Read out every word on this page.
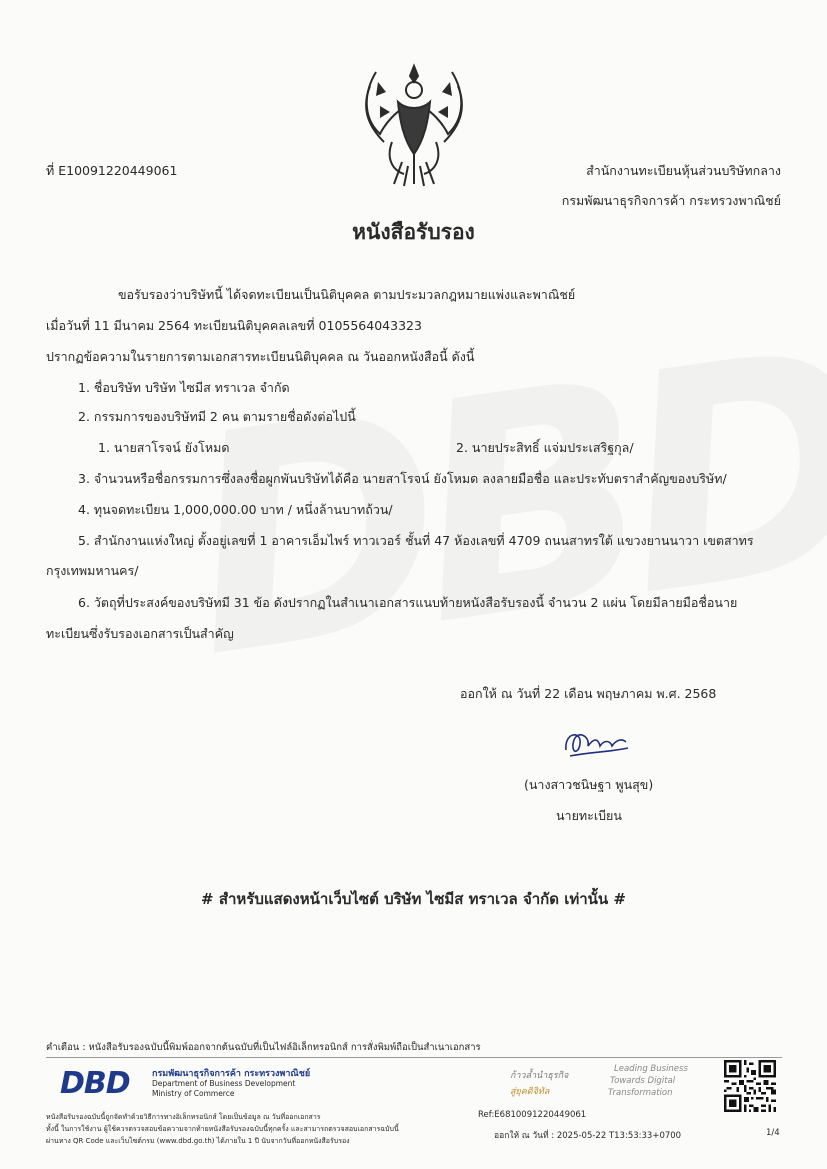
ที่ E10091220449061	สำนักงานทะเบียนหุ้นส่วนบริษัทกลาง
กรมพัฒนาธุรกิจการค้า กระทรวงพาณิชย์
หนังสือรับรอง
ขอรับรองว่าบริษัทนี้ ได้จดทะเบียนเป็นนิติบุคคล ตามประมวลกฎหมายแพ่งและพาณิชย์
เมื่อวันที่ 11 มีนาคม 2564 ทะเบียนนิติบุคคลเลขที่ 0105564043323
ปรากฏข้อความในรายการตามเอกสารทะเบียนนิติบุคคล ณ วันออกหนังสือนี้ ดังนี้
1. ชื่อบริษัท บริษัท ไซมีส ทราเวล จำกัด
2. กรรมการของบริษัทมี 2 คน ตามรายชื่อดังต่อไปนี้
1. นายสาโรจน์ ยังโหมด	2. นายประสิทธิ์ แจ่มประเสริฐกุล/
3. จำนวนหรือชื่อกรรมการซึ่งลงชื่อผูกพันบริษัทได้คือ นายสาโรจน์ ยังโหมด ลงลายมือชื่อ และประทับตราสำคัญของบริษัท/
4. ทุนจดทะเบียน 1,000,000.00 บาท / หนึ่งล้านบาทถ้วน/
5. สำนักงานแห่งใหญ่ ตั้งอยู่เลขที่ 1 อาคารเอ็มไพร์ ทาวเวอร์ ชั้นที่ 47 ห้องเลขที่ 4709 ถนนสาทรใต้ แขวงยานนาวา เขตสาทร
กรุงเทพมหานคร/
6. วัตถุที่ประสงค์ของบริษัทมี 31 ข้อ ดังปรากฏในสำเนาเอกสารแนบท้ายหนังสือรับรองนี้ จำนวน 2 แผ่น โดยมีลายมือชื่อนาย
ทะเบียนซึ่งรับรองเอกสารเป็นสำคัญ
ออกให้ ณ วันที่ 22 เดือน พฤษภาคม พ.ศ. 2568
(นางสาวชนิษฐา พูนสุข)
นายทะเบียน
# สำหรับแสดงหน้าเว็บไซต์ บริษัท ไซมีส ทราเวล จำกัด เท่านั้น #
คำเตือน : หนังสือรับรองฉบับนี้พิมพ์ออกจากต้นฉบับที่เป็นไฟล์อิเล็กทรอนิกส์ การสั่งพิมพ์ถือเป็นสำเนาเอกสาร
DBD กรมพัฒนาธุรกิจการค้า กระทรวงพาณิชย์
Department of Business Development
Ministry of Commerce
ก้าวล้ำนำธุรกิจ
สู่ยุคดิจิทัล
Leading Business
Towards Digital
Transformation
หนังสือรับรองฉบับนี้ถูกจัดทำด้วยวิธีการทางอิเล็กทรอนิกส์ โดยเป็นข้อมูล ณ วันที่ออกเอกสาร
ทั้งนี้ ในการใช้งาน ผู้ใช้ควรตรวจสอบข้อความจากท้ายหนังสือรับรองฉบับนี้ทุกครั้ง และสามารถตรวจสอบเอกสารฉบับนี้
ผ่านทาง QR Code และเว็บไซต์กรม (www.dbd.go.th) ได้ภายใน 1 ปี นับจากวันที่ออกหนังสือรับรอง
Ref:E6810091220449061
ออกให้ ณ วันที่ : 2025-05-22 T13:53:33+0700	1/4
